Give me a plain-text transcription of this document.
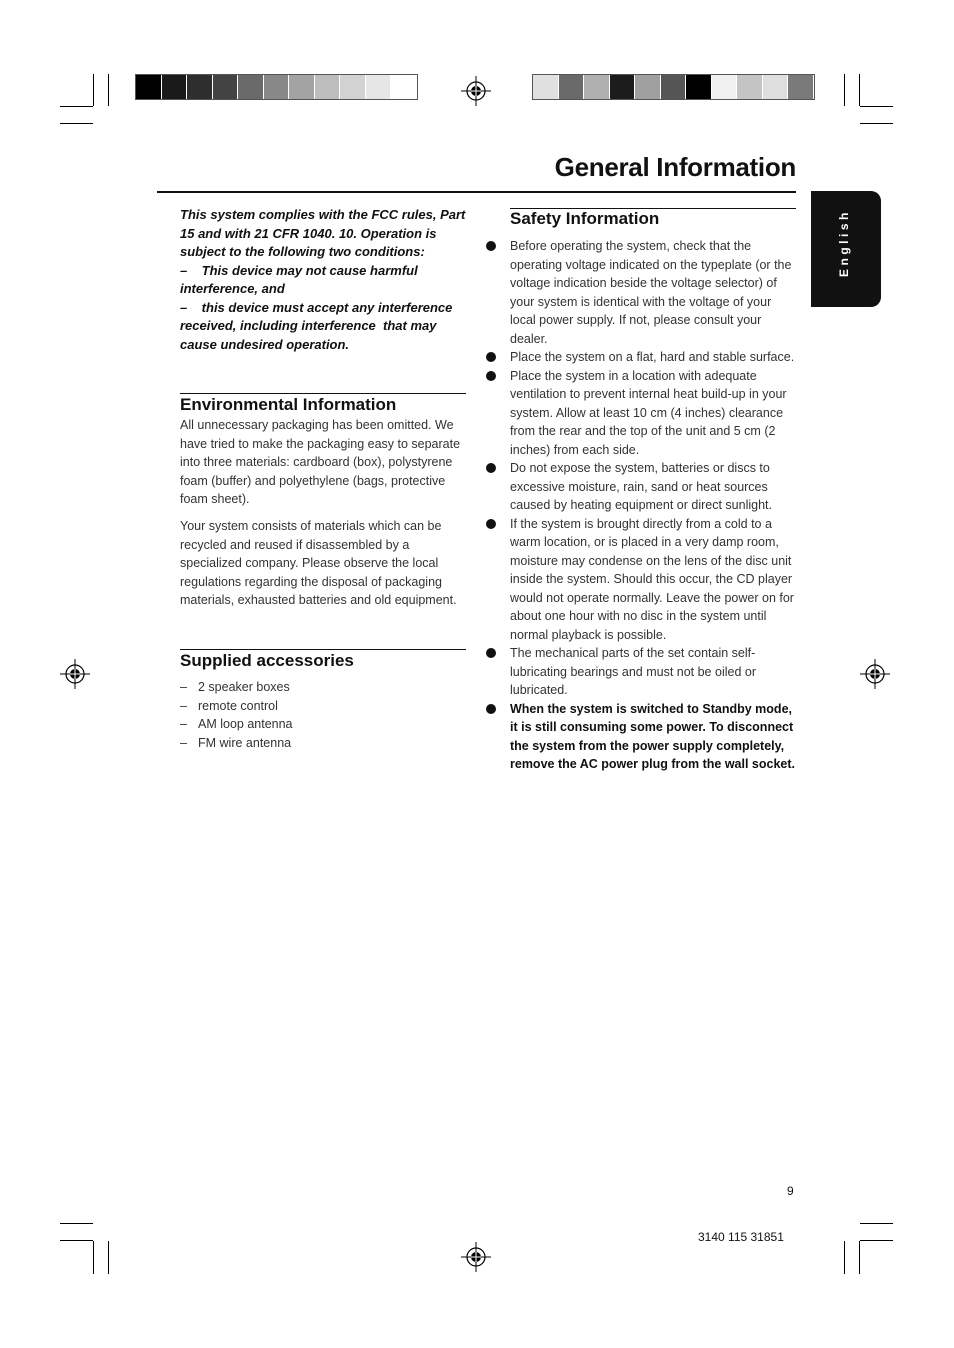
General Information
English

This system complies with the FCC rules, Part 15 and with 21 CFR 1040. 10. Operation is subject to the following two conditions:

–    This device may not cause harmful interference, and

–    this device must accept any interference received, including interference  that may cause undesired operation.

Environmental Information

All unnecessary packaging has been omitted. We have tried to make the packaging easy to separate into three materials: cardboard (box), polystyrene foam (buffer) and polyethylene (bags, protective foam sheet).

Your system consists of materials which can be recycled and reused if disassembled by a specialized company. Please observe the local regulations regarding the disposal of packaging materials, exhausted batteries and old equipment.

Supplied accessories
– 2 speaker boxes
– remote control
– AM loop antenna
– FM wire antenna
Safety Information
Before operating the system, check that the operating voltage indicated on the typeplate (or the voltage indication beside the voltage selector) of your system is identical with the voltage of your local power supply. If not, please consult your dealer.
Place the system on a flat, hard and stable surface.
Place the system in a location with adequate ventilation to prevent internal heat build-up in your system. Allow at least 10 cm (4 inches) clearance from the rear and the top of the unit and 5 cm (2 inches) from each side.
Do not expose the system, batteries or discs to excessive moisture, rain, sand or heat sources caused by heating equipment or direct sunlight.
If the system is brought directly from a cold to a warm location, or is placed in a very damp room, moisture may condense on the lens of the disc unit inside the system. Should this occur, the CD player would not operate normally. Leave the power on for about one hour with no disc in the system until normal playback is possible.
The mechanical parts of the set contain self-lubricating bearings and must not be oiled or lubricated.
When the system is switched to Standby mode, it is still consuming some power. To disconnect the system from the power supply completely, remove the AC power plug from the wall socket.
9
3140 115 31851
